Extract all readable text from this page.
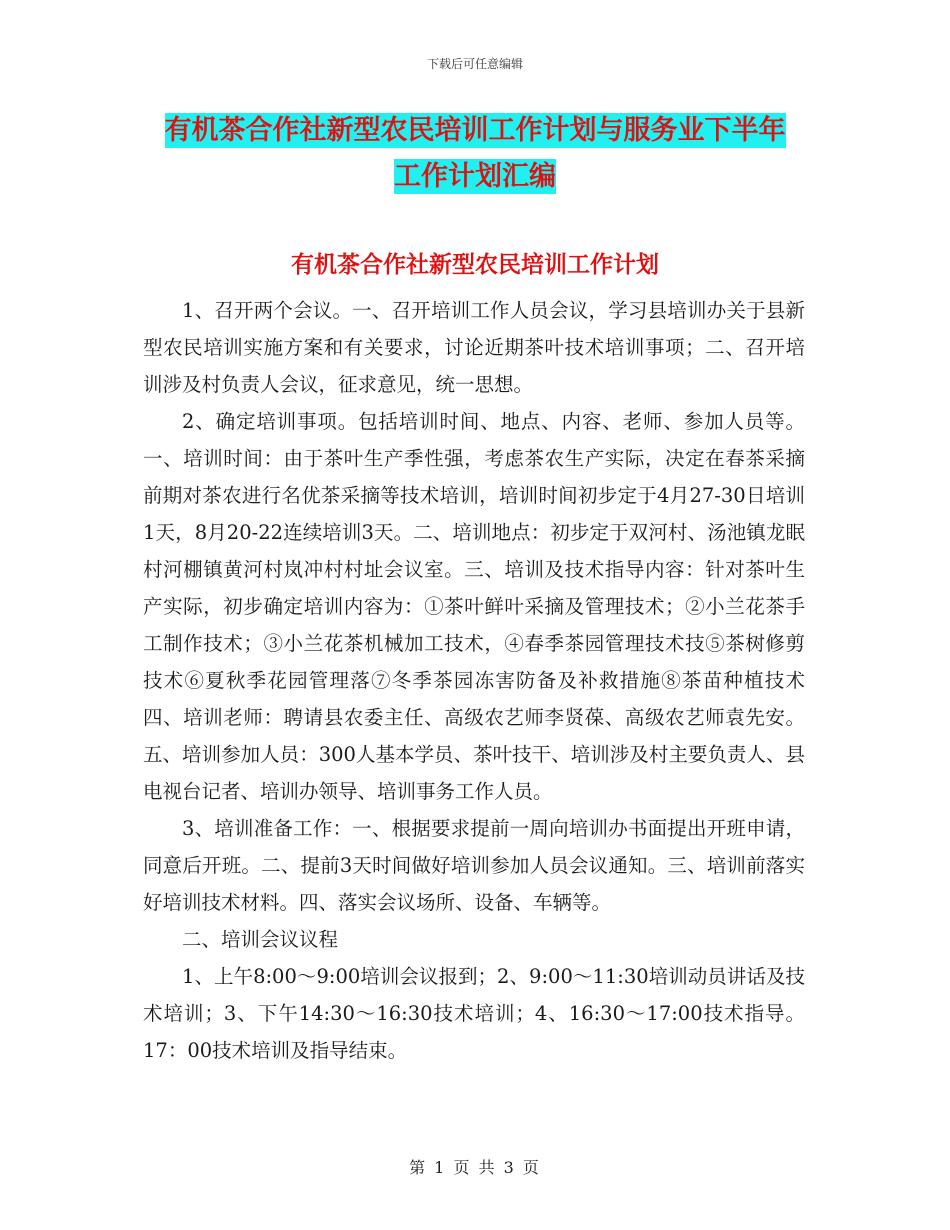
下载后可任意编辑
有机茶合作社新型农民培训工作计划与服务业下半年
工作计划汇编
有机茶合作社新型农民培训工作计划

1、召开两个会议。一、召开培训工作人员会议，学习县培训办关于县新型农民培训实施方案和有关要求，讨论近期茶叶技术培训事项；二、召开培训涉及村负责人会议，征求意见，统一思想。

2、确定培训事项。包括培训时间、地点、内容、老师、参加人员等。一、培训时间：由于茶叶生产季性强，考虑茶农生产实际，决定在春茶采摘前期对茶农进行名优茶采摘等技术培训，培训时间初步定于4月27-30日培训1天，8月20-22连续培训3天。二、培训地点：初步定于双河村、汤池镇龙眠村河棚镇黄河村岚冲村村址会议室。三、培训及技术指导内容：针对茶叶生产实际，初步确定培训内容为：①茶叶鲜叶采摘及管理技术；②小兰花茶手工制作技术；③小兰花茶机械加工技术，④春季茶园管理技术技⑤茶树修剪技术⑥夏秋季花园管理落⑦冬季茶园冻害防备及补救措施⑧茶苗种植技术四、培训老师：聘请县农委主任、高级农艺师李贤葆、高级农艺师袁先安。五、培训参加人员：300人基本学员、茶叶技干、培训涉及村主要负责人、县电视台记者、培训办领导、培训事务工作人员。

3、培训准备工作：一、根据要求提前一周向培训办书面提出开班申请，同意后开班。二、提前3天时间做好培训参加人员会议通知。三、培训前落实好培训技术材料。四、落实会议场所、设备、车辆等。

二、培训会议议程

1、上午8:00～9:00培训会议报到；2、9:00～11:30培训动员讲话及技术培训；3、下午14:30～16:30技术培训；4、16:30～17:00技术指导。17：00技术培训及指导结束。

第 1 页 共 3 页
